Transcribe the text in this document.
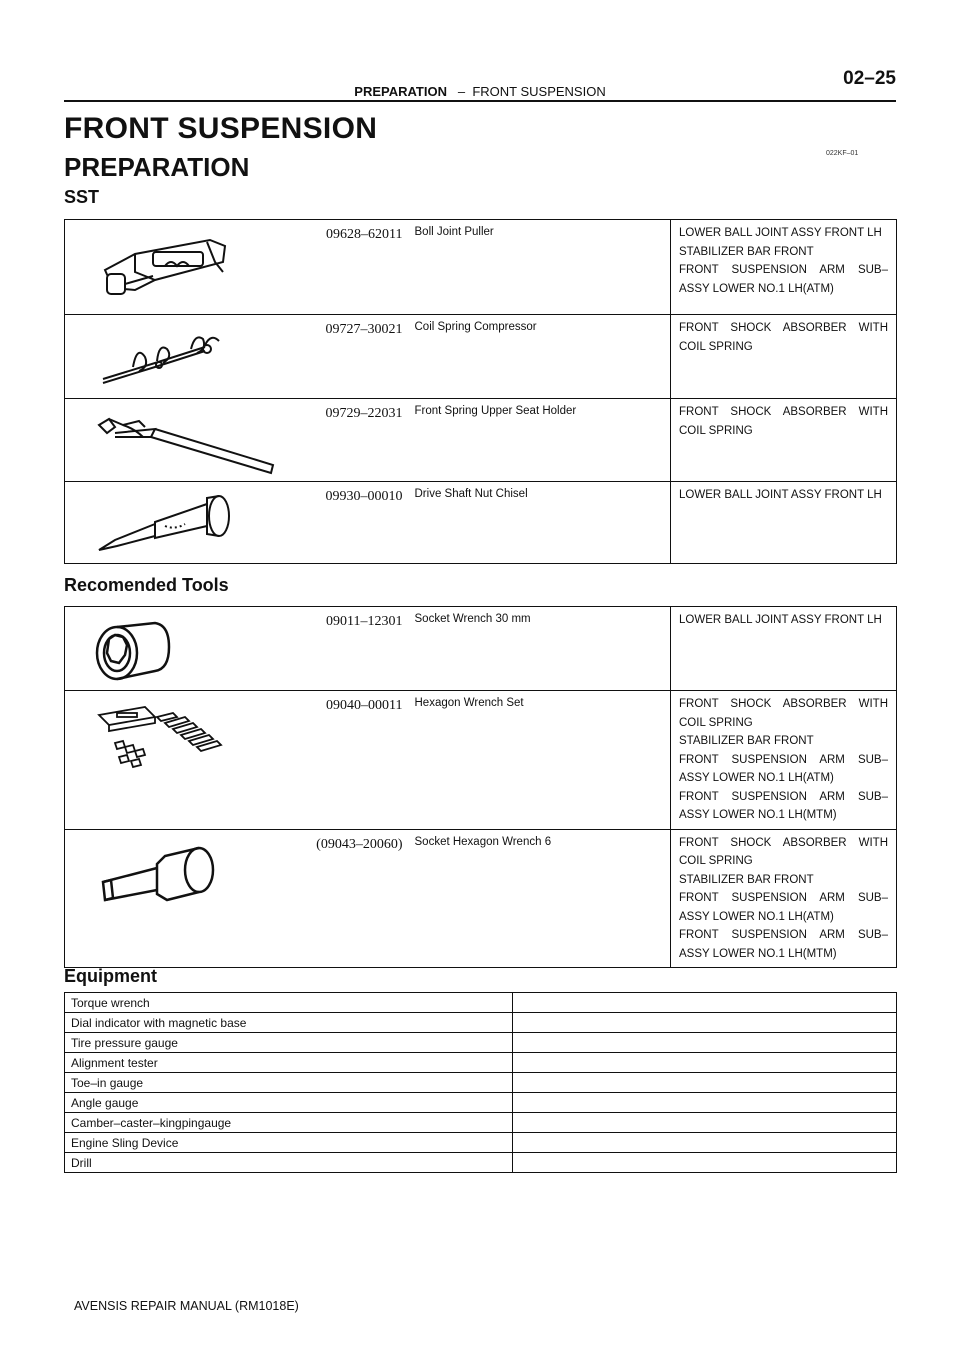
PREPARATION – FRONT SUSPENSION
02–25
FRONT SUSPENSION
PREPARATION	022KF–01
SST
09628–62011	Boll Joint Puller	LOWER BALL JOINT ASSY FRONT LH
STABILIZER BAR FRONT
FRONT SUSPENSION ARM SUB–ASSY LOWER NO.1 LH(ATM)

09727–30021	Coil Spring Compressor	FRONT SHOCK ABSORBER WITH COIL SPRING

09729–22031	Front Spring Upper Seat Holder	FRONT SHOCK ABSORBER WITH COIL SPRING

09930–00010	Drive Shaft Nut Chisel	LOWER BALL JOINT ASSY FRONT LH
Recomended Tools
09011–12301	Socket Wrench 30 mm	LOWER BALL JOINT ASSY FRONT LH

09040–00011	Hexagon Wrench Set	FRONT SHOCK ABSORBER WITH COIL SPRING
STABILIZER BAR FRONT
FRONT SUSPENSION ARM SUB–ASSY LOWER NO.1 LH(ATM)
FRONT SUSPENSION ARM SUB–ASSY LOWER NO.1 LH(MTM)

(09043–20060)	Socket Hexagon Wrench 6	FRONT SHOCK ABSORBER WITH COIL SPRING
STABILIZER BAR FRONT
FRONT SUSPENSION ARM SUB–ASSY LOWER NO.1 LH(ATM)
FRONT SUSPENSION ARM SUB–ASSY LOWER NO.1 LH(MTM)
Equipment
Torque wrench	
Dial indicator with magnetic base	
Tire pressure gauge	
Alignment tester	
Toe–in gauge	
Angle gauge	
Camber–caster–kingpingauge	
Engine Sling Device	
Drill	
AVENSIS REPAIR MANUAL (RM1018E)
